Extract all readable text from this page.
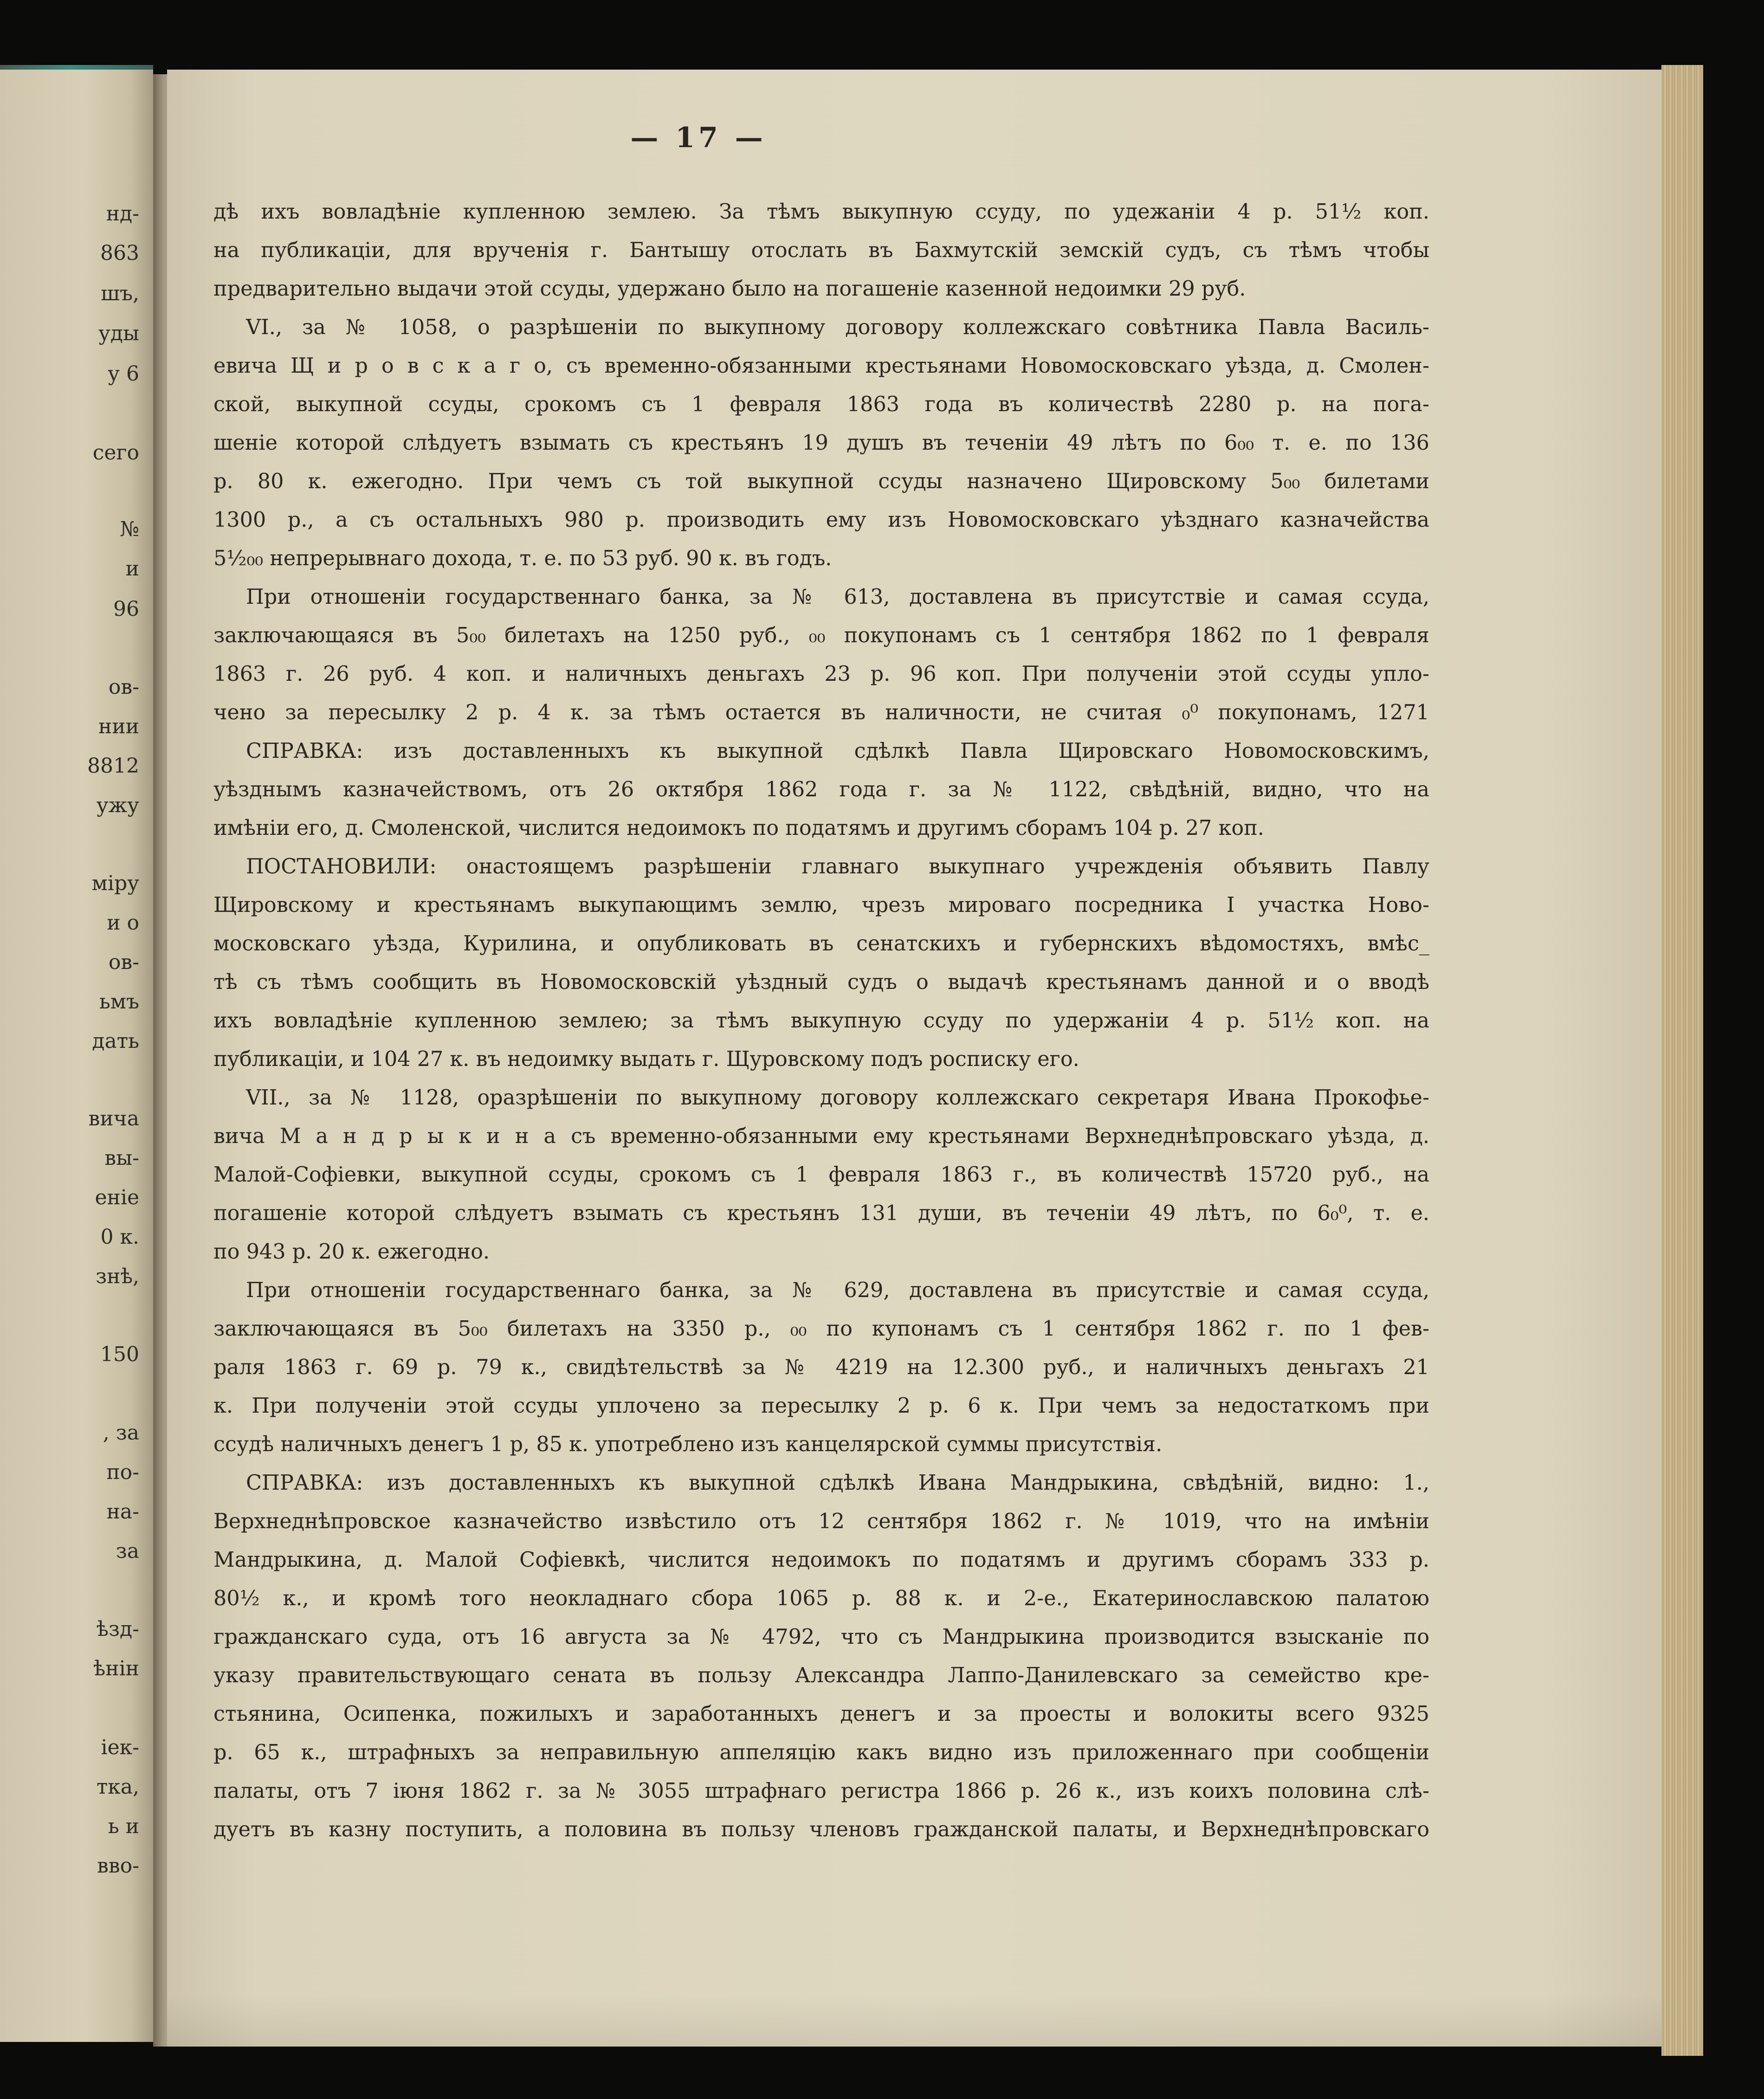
— 17 —
нд-
863
шъ,
уды
у 6
сего
№
и
96
ов-
нии
8812
ужу
міру
и о
ов-
ьмъ
дать
вича
вы-
еніе
0 к.
знѣ,
150
, за
по-
на-
за
ѣзд-
ѣнін
іек-
тка,
ь и
вво-
дѣ ихъ вовладѣніе купленною землею. За тѣмъ выкупную ссуду, по удежаніи 4 р. 51½ коп.
на публикаціи, для врученія г. Бантышу отослать въ Бахмутскій земскій судъ, съ тѣмъ чтобы
предварительно выдачи этой ссуды, удержано было на погашеніе казенной недоимки 29 руб.
VI., за № 1058, о разрѣшеніи по выкупному договору коллежскаго совѣтника Павла Василь-
евича Щ и р о в с к а г о, съ временно-обязанными крестьянами Новомосковскаго уѣзда, д. Смолен-
ской, выкупной ссуды, срокомъ съ 1 февраля 1863 года въ количествѣ 2280 р. на пога-
шеніе которой слѣдуетъ взымать съ крестьянъ 19 душъ въ теченіи 49 лѣтъ по 6₀₀ т. е. по 136
р. 80 к. ежегодно. При чемъ съ той выкупной ссуды назначено Щировскому 5₀₀ билетами
1300 р., а съ остальныхъ 980 р. производить ему изъ Новомосковскаго уѣзднаго казначейства
5½₀₀ непрерывнаго дохода, т. е. по 53 руб. 90 к. въ годъ.
При отношеніи государственнаго банка, за № 613, доставлена въ присутствіе и самая ссуда,
заключающаяся въ 5₀₀ билетахъ на 1250 руб., ₀₀ покупонамъ съ 1 сентября 1862 по 1 февраля
1863 г. 26 руб. 4 коп. и наличныхъ деньгахъ 23 р. 96 коп. При полученіи этой ссуды упло-
чено за пересылку 2 р. 4 к. за тѣмъ остается въ наличности, не считая ₀⁰ покупонамъ, 1271
СПРАВКА: изъ доставленныхъ къ выкупной сдѣлкѣ Павла Щировскаго Новомосковскимъ,
уѣзднымъ казначействомъ, отъ 26 октября 1862 года г. за № 1122, свѣдѣній, видно, что на
имѣніи его, д. Смоленской, числится недоимокъ по податямъ и другимъ сборамъ 104 р. 27 коп.
ПОСТАНОВИЛИ: онастоящемъ разрѣшеніи главнаго выкупнаго учрежденія объявить Павлу
Щировскому и крестьянамъ выкупающимъ землю, чрезъ мироваго посредника I участка Ново-
московскаго уѣзда, Курилина, и опубликовать въ сенатскихъ и губернскихъ вѣдомостяхъ, вмѣс_
тѣ съ тѣмъ сообщить въ Новомосковскій уѣздный судъ о выдачѣ крестьянамъ данной и о вводѣ
ихъ вовладѣніе купленною землею; за тѣмъ выкупную ссуду по удержаніи 4 р. 51½ коп. на
публикаціи, и 104 27 к. въ недоимку выдать г. Щуровскому подъ росписку его.
VII., за № 1128, оразрѣшеніи по выкупному договору коллежскаго секретаря Ивана Прокофье-
вича М а н д р ы к и н а съ временно-обязанными ему крестьянами Верхнеднѣпровскаго уѣзда, д.
Малой-Софіевки, выкупной ссуды, срокомъ съ 1 февраля 1863 г., въ количествѣ 15720 руб., на
погашеніе которой слѣдуетъ взымать съ крестьянъ 131 души, въ теченіи 49 лѣтъ, по 6₀⁰, т. е.
по 943 р. 20 к. ежегодно.
При отношеніи государственнаго банка, за № 629, доставлена въ присутствіе и самая ссуда,
заключающаяся въ 5₀₀ билетахъ на 3350 р., ₀₀ по купонамъ съ 1 сентября 1862 г. по 1 фев-
раля 1863 г. 69 р. 79 к., свидѣтельствѣ за № 4219 на 12.300 руб., и наличныхъ деньгахъ 21
к. При полученіи этой ссуды уплочено за пересылку 2 р. 6 к. При чемъ за недостаткомъ при
ссудѣ наличныхъ денегъ 1 р, 85 к. употреблено изъ канцелярской суммы присутствія.
СПРАВКА: изъ доставленныхъ къ выкупной сдѣлкѣ Ивана Мандрыкина, свѣдѣній, видно: 1.,
Верхнеднѣпровское казначейство извѣстило отъ 12 сентября 1862 г. № 1019, что на имѣніи
Мандрыкина, д. Малой Софіевкѣ, числится недоимокъ по податямъ и другимъ сборамъ 333 р.
80½ к., и кромѣ того неокладнаго сбора 1065 р. 88 к. и 2-е., Екатеринославскою палатою
гражданскаго суда, отъ 16 августа за № 4792, что съ Мандрыкина производится взысканіе по
указу правительствующаго сената въ пользу Александра Лаппо-Данилевскаго за семейство кре-
стьянина, Осипенка, пожилыхъ и заработанныхъ денегъ и за проесты и волокиты всего 9325
р. 65 к., штрафныхъ за неправильную аппеляцію какъ видно изъ приложеннаго при сообщеніи
палаты, отъ 7 іюня 1862 г. за № 3055 штрафнаго регистра 1866 р. 26 к., изъ коихъ половина слѣ-
дуетъ въ казну поступить, а половина въ пользу членовъ гражданской палаты, и Верхнеднѣпровскаго
